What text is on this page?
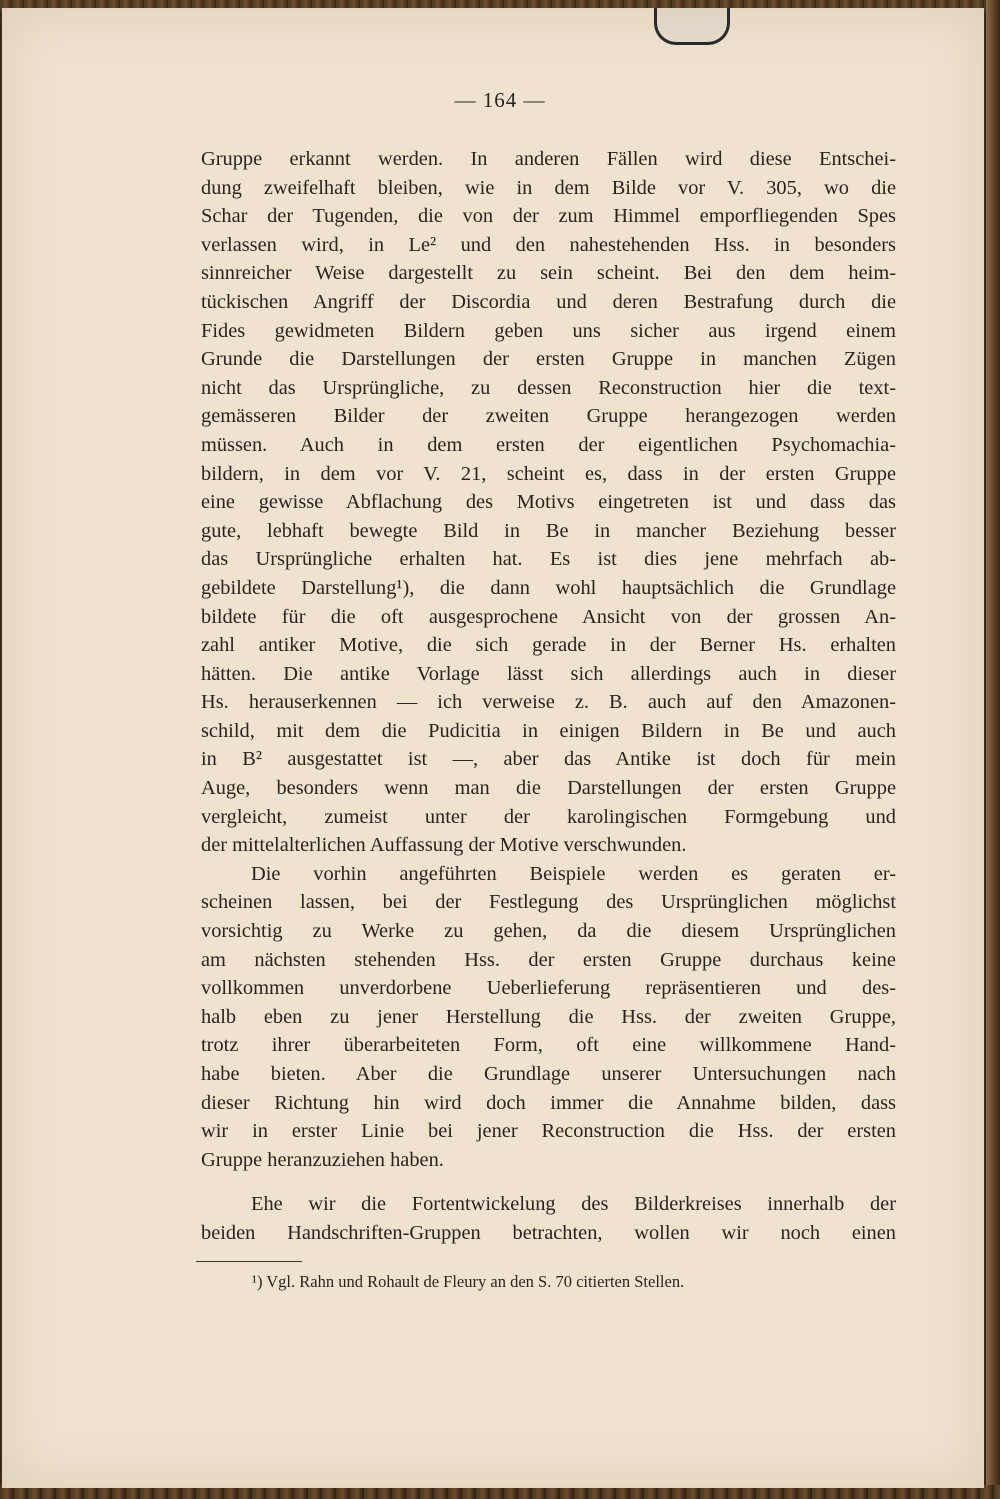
— 164 —
Gruppe erkannt werden. In anderen Fällen wird diese Entschei-
dung zweifelhaft bleiben, wie in dem Bilde vor V. 305, wo die
Schar der Tugenden, die von der zum Himmel emporfliegenden Spes
verlassen wird, in Le² und den nahestehenden Hss. in besonders
sinnreicher Weise dargestellt zu sein scheint. Bei den dem heim-
tückischen Angriff der Discordia und deren Bestrafung durch die
Fides gewidmeten Bildern geben uns sicher aus irgend einem
Grunde die Darstellungen der ersten Gruppe in manchen Zügen
nicht das Ursprüngliche, zu dessen Reconstruction hier die text-
gemässeren Bilder der zweiten Gruppe herangezogen werden
müssen. Auch in dem ersten der eigentlichen Psychomachia-
bildern, in dem vor V. 21, scheint es, dass in der ersten Gruppe
eine gewisse Abflachung des Motivs eingetreten ist und dass das
gute, lebhaft bewegte Bild in Be in mancher Beziehung besser
das Ursprüngliche erhalten hat. Es ist dies jene mehrfach ab-
gebildete Darstellung¹), die dann wohl hauptsächlich die Grundlage
bildete für die oft ausgesprochene Ansicht von der grossen An-
zahl antiker Motive, die sich gerade in der Berner Hs. erhalten
hätten. Die antike Vorlage lässt sich allerdings auch in dieser
Hs. herauserkennen — ich verweise z. B. auch auf den Amazonen-
schild, mit dem die Pudicitia in einigen Bildern in Be und auch
in B² ausgestattet ist —, aber das Antike ist doch für mein
Auge, besonders wenn man die Darstellungen der ersten Gruppe
vergleicht, zumeist unter der karolingischen Formgebung und
der mittelalterlichen Auffassung der Motive verschwunden.
Die vorhin angeführten Beispiele werden es geraten er-
scheinen lassen, bei der Festlegung des Ursprünglichen möglichst
vorsichtig zu Werke zu gehen, da die diesem Ursprünglichen
am nächsten stehenden Hss. der ersten Gruppe durchaus keine
vollkommen unverdorbene Ueberlieferung repräsentieren und des-
halb eben zu jener Herstellung die Hss. der zweiten Gruppe,
trotz ihrer überarbeiteten Form, oft eine willkommene Hand-
habe bieten. Aber die Grundlage unserer Untersuchungen nach
dieser Richtung hin wird doch immer die Annahme bilden, dass
wir in erster Linie bei jener Reconstruction die Hss. der ersten
Gruppe heranzuziehen haben.
Ehe wir die Fortentwickelung des Bilderkreises innerhalb der
beiden Handschriften-Gruppen betrachten, wollen wir noch einen
¹) Vgl. Rahn und Rohault de Fleury an den S. 70 citierten Stellen.
